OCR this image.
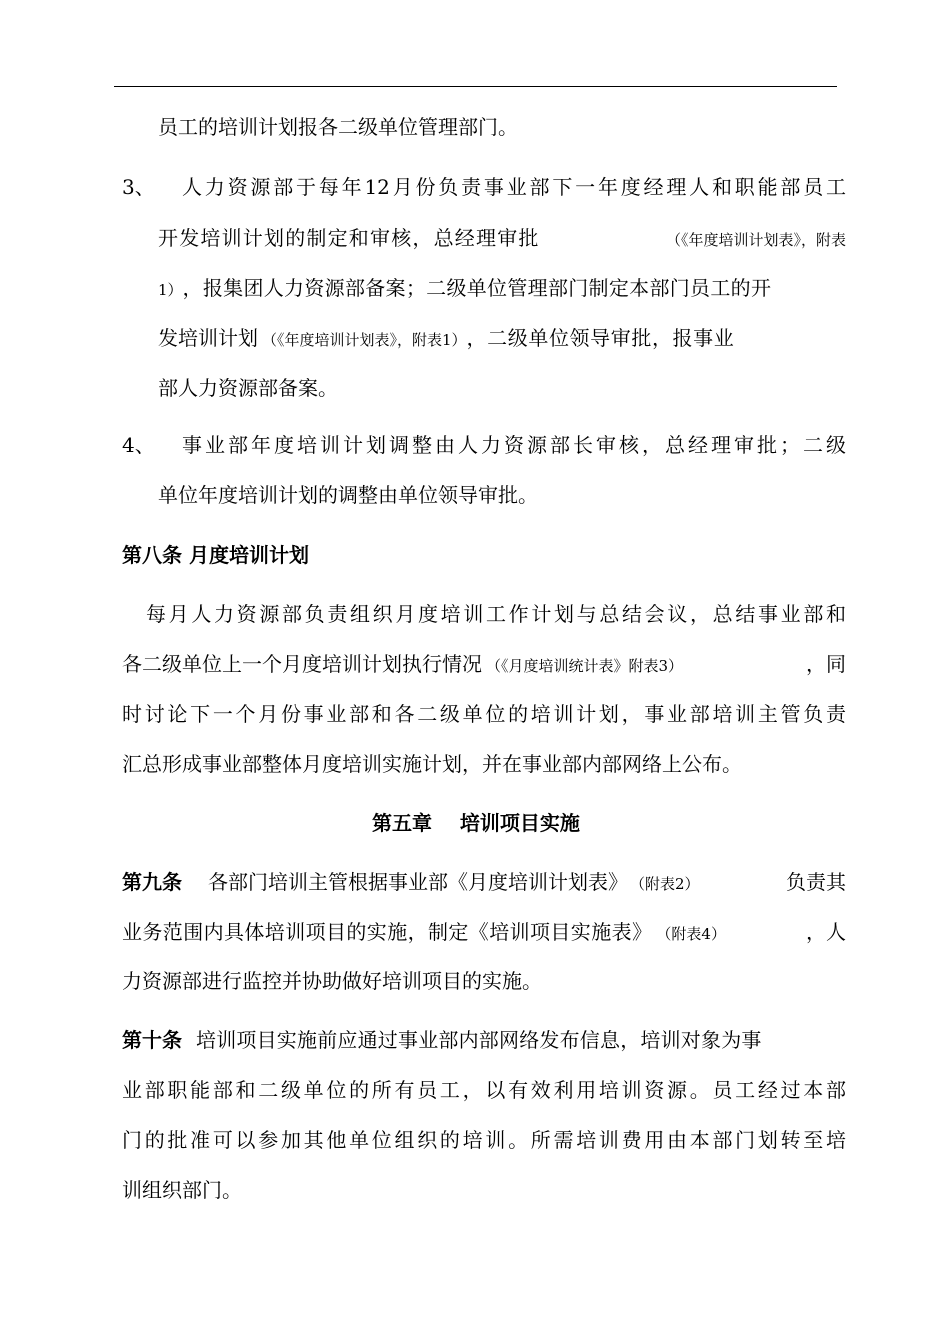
员工的培训计划报各二级单位管理部门。
3、 人力资源部于每年12月份负责事业部下一年度经理人和职能部员工
开发培训计划的制定和审核，总经理审批	（《年度培训计划表》，附表
1） ，报集团人力资源部备案；二级单位管理部门制定本部门员工的开
发培训计划 （《年度培训计划表》，附表1） ，二级单位领导审批，报事业
部人力资源部备案。
4、 事业部年度培训计划调整由人力资源部长审核，总经理审批；二级
单位年度培训计划的调整由单位领导审批。
第八条 月度培训计划
每月人力资源部负责组织月度培训工作计划与总结会议，总结事业部和
各二级单位上一个月度培训计划执行情况 （《月度培训统计表》附表3）	，同
时讨论下一个月份事业部和各二级单位的培训计划，事业部培训主管负责
汇总形成事业部整体月度培训实施计划，并在事业部内部网络上公布。
第五章    培训项目实施
第九条 各部门培训主管根据事业部《月度培训计划表》 （附表2）	负责其
业务范围内具体培训项目的实施，制定《培训项目实施表》 （附表4）	，人
力资源部进行监控并协助做好培训项目的实施。
第十条 培训项目实施前应通过事业部内部网络发布信息，培训对象为事
业部职能部和二级单位的所有员工，以有效利用培训资源。员工经过本部
门的批准可以参加其他单位组织的培训。所需培训费用由本部门划转至培
训组织部门。
